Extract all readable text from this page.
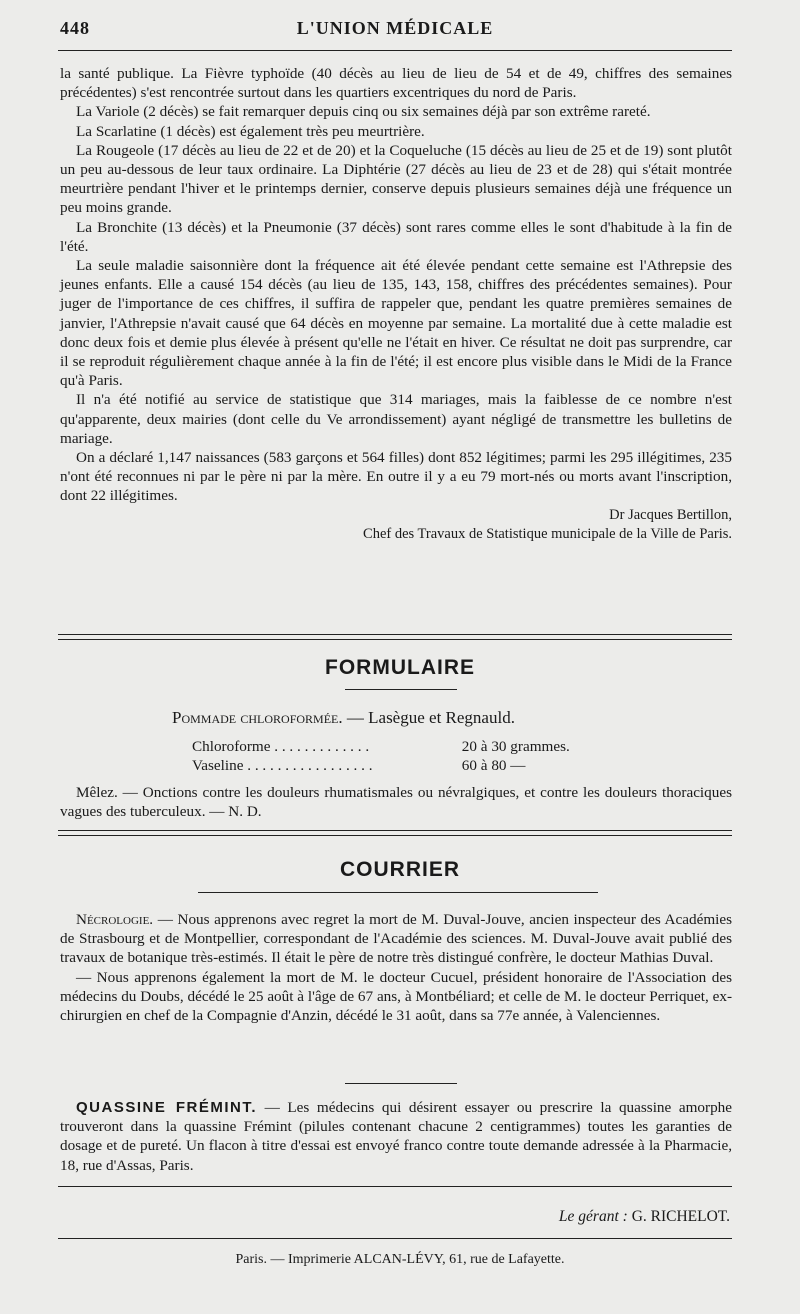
448	L'UNION MÉDICALE

la santé publique. La Fièvre typhoïde (40 décès au lieu de lieu de 54 et de 49, chiffres des semaines précédentes) s'est rencontrée surtout dans les quartiers excentriques du nord de Paris.

La Variole (2 décès) se fait remarquer depuis cinq ou six semaines déjà par son extrême rareté.

La Scarlatine (1 décès) est également très peu meurtrière.

La Rougeole (17 décès au lieu de 22 et de 20) et la Coqueluche (15 décès au lieu de 25 et de 19) sont plutôt un peu au-dessous de leur taux ordinaire. La Diphtérie (27 décès au lieu de 23 et de 28) qui s'était montrée meurtrière pendant l'hiver et le printemps dernier, conserve depuis plusieurs semaines déjà une fréquence un peu moins grande.

La Bronchite (13 décès) et la Pneumonie (37 décès) sont rares comme elles le sont d'habitude à la fin de l'été.

La seule maladie saisonnière dont la fréquence ait été élevée pendant cette semaine est l'Athrepsie des jeunes enfants. Elle a causé 154 décès (au lieu de 135, 143, 158, chiffres des précédentes semaines). Pour juger de l'importance de ces chiffres, il suffira de rappeler que, pendant les quatre premières semaines de janvier, l'Athrepsie n'avait causé que 64 décès en moyenne par semaine. La mortalité due à cette maladie est donc deux fois et demie plus élevée à présent qu'elle ne l'était en hiver. Ce résultat ne doit pas surprendre, car il se reproduit régulièrement chaque année à la fin de l'été; il est encore plus visible dans le Midi de la France qu'à Paris.

Il n'a été notifié au service de statistique que 314 mariages, mais la faiblesse de ce nombre n'est qu'apparente, deux mairies (dont celle du Ve arrondissement) ayant négligé de transmettre les bulletins de mariage.

On a déclaré 1,147 naissances (583 garçons et 564 filles) dont 852 légitimes; parmi les 295 illégitimes, 235 n'ont été reconnues ni par le père ni par la mère. En outre il y a eu 79 mort-nés ou morts avant l'inscription, dont 22 illégitimes.

Dr Jacques Bertillon,

Chef des Travaux de Statistique municipale de la Ville de Paris.

FORMULAIRE
Pommade chloroformée. — Lasègue et Regnauld.
Chloroforme . . . . . . . . . . . . .	20 à 30 grammes.
Vaseline . . . . . . . . . . . . . . . . .	60 à 80 —

Mêlez. — Onctions contre les douleurs rhumatismales ou névralgiques, et contre les douleurs thoraciques vagues des tuberculeux. — N. D.

COURRIER

Nécrologie. — Nous apprenons avec regret la mort de M. Duval-Jouve, ancien inspecteur des Académies de Strasbourg et de Montpellier, correspondant de l'Académie des sciences. M. Duval-Jouve avait publié des travaux de botanique très-estimés. Il était le père de notre très distingué confrère, le docteur Mathias Duval.

— Nous apprenons également la mort de M. le docteur Cucuel, président honoraire de l'Association des médecins du Doubs, décédé le 25 août à l'âge de 67 ans, à Montbéliard; et celle de M. le docteur Perriquet, ex-chirurgien en chef de la Compagnie d'Anzin, décédé le 31 août, dans sa 77e année, à Valenciennes.

QUASSINE FRÉMINT. — Les médecins qui désirent essayer ou prescrire la quassine amorphe trouveront dans la quassine Frémint (pilules contenant chacune 2 centigrammes) toutes les garanties de dosage et de pureté. Un flacon à titre d'essai est envoyé franco contre toute demande adressée à la Pharmacie, 18, rue d'Assas, Paris.

Le gérant : G. RICHELOT.
Paris. — Imprimerie ALCAN-LÉVY, 61, rue de Lafayette.
